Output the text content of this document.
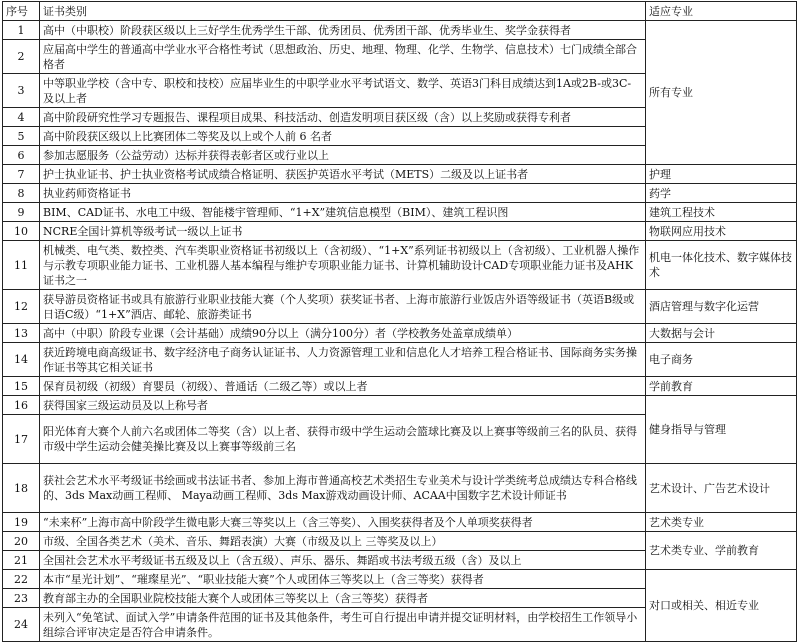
序号	证书类别	适应专业
1	高中（中职校）阶段获区级以上三好学生优秀学生干部、优秀团员、优秀团干部、优秀毕业生、奖学金获得者	所有专业
2	应届高中学生的普通高中学业水平合格性考试（思想政治、历史、地理、物理、化学、生物学、信息技术）七门成绩全部合格者	
3	中等职业学校（含中专、职校和技校）应届毕业生的中职学业水平考试语文、数学、英语3门科目成绩达到1A或2B-或3C-及以上者	
4	高中阶段研究性学习专题报告、课程项目成果、科技活动、创造发明项目获区级（含）以上奖励或获得专利者	
5	高中阶段获区级以上比赛团体二等奖及以上或个人前 6 名者	
6	参加志愿服务（公益劳动）达标并获得表彰者区或行业以上	
7	护士执业证书、护士执业资格考试成绩合格证明、获医护英语水平考试（METS）二级及以上证书者	护理
8	执业药师资格证书	药学
9	BIM、CAD证书、水电工中级、智能楼宇管理师、“1+X”建筑信息模型（BIM）、建筑工程识图	建筑工程技术
10	NCRE全国计算机等级考试一级以上证书	物联网应用技术
11	机械类、电气类、数控类、汽车类职业资格证书初级以上（含初级）、“1+X”系列证书初级以上（含初级）、工业机器人操作与示教专项职业能力证书、工业机器人基本编程与维护专项职业能力证书、计算机辅助设计CAD专项职业能力证书及AHK证书之一	机电一体化技术、数字媒体技术
12	获导游员资格证书或具有旅游行业职业技能大赛（个人奖项）获奖证书者、上海市旅游行业饭店外语等级证书（英语B级或日语C级）“1+X”酒店、邮轮、旅游类证书	酒店管理与数字化运营
13	高中（中职）阶段专业课（会计基础）成绩90分以上（满分100分）者（学校教务处盖章成绩单）	大数据与会计
14	获近跨境电商高级证书、数字经济电子商务认证证书、人力资源管理工业和信息化人才培养工程合格证书、国际商务实务操作证书等其它相关证书	电子商务
15	保育员初级（初级）育婴员（初级）、普通话（二级乙等）或以上者	学前教育
16	获得国家三级运动员及以上称号者	健身指导与管理
17	阳光体育大赛个人前六名或团体二等奖（含）以上者、获得市级中学生运动会篮球比赛及以上赛事等级前三名的队员、获得市级中学生运动会健美操比赛及以上赛事等级前三名	
18	获社会艺术水平考级证书绘画或书法证书者、参加上海市普通高校艺术类招生专业美术与设计学类统考总成绩达专科合格线的、3ds Max动画工程师、 Maya动画工程师、3ds Max游戏动画设计师、ACAA中国数字艺术设计师证书	艺术设计、广告艺术设计
19	“未来杯”上海市高中阶段学生微电影大赛三等奖以上（含三等奖）、入围奖获得者及个人单项奖获得者	艺术类专业
20	市级、全国各类艺术（美术、音乐、舞蹈表演）大赛（市级及以上 三等奖及以上）	艺术类专业、学前教育
21	全国社会艺术水平考级证书五级及以上（含五级）、声乐、器乐、舞蹈或书法考级五级（含）及以上	
22	本市“星光计划”、“璀璨星光”、“职业技能大赛”个人或团体三等奖以上（含三等奖）获得者	对口或相关、相近专业
23	教育部主办的全国职业院校技能大赛个人或团体三等奖以上（含三等奖）获得者	
24	未列入“免笔试、面试入学”申请条件范围的证书及其他条件，考生可自行提出申请并提交证明材料，由学校招生工作领导小组综合评审决定是否符合申请条件。	
